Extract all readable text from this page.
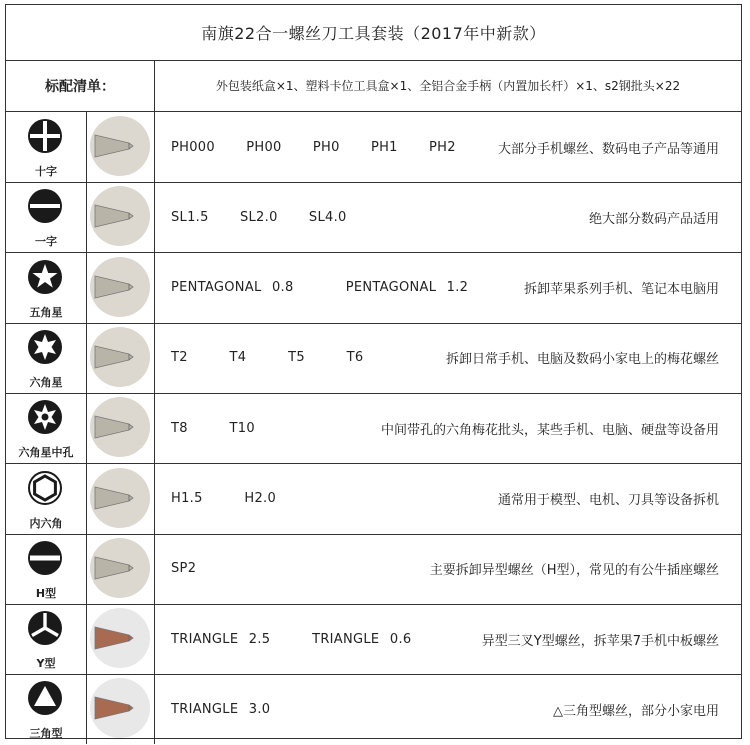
南旗22合一螺丝刀工具套装（2017年中新款）
标配清单：	外包装纸盒×1、塑料卡位工具盒×1、全铝合金手柄（内置加长杆）×1、s2钢批头×22
十字
PH000   PH00   PH0   PH1   PH2	大部分手机螺丝、数码电子产品等通用
一字
SL1.5   SL2.0   SL4.0	绝大部分数码产品适用
五角星
PENTAGONAL 0.8     PENTAGONAL 1.2	拆卸苹果系列手机、笔记本电脑用
六角星
T2    T4    T5    T6	拆卸日常手机、电脑及数码小家电上的梅花螺丝
六角星中孔
T8    T10	中间带孔的六角梅花批头，某些手机、电脑、硬盘等设备用
内六角
H1.5    H2.0	通常用于模型、电机、刀具等设备拆机
H型
SP2	主要拆卸异型螺丝（H型），常见的有公牛插座螺丝
Y型
TRIANGLE 2.5    TRIANGLE 0.6	异型三叉Y型螺丝，拆苹果7手机中板螺丝
三角型
TRIANGLE 3.0	△三角型螺丝，部分小家电用
